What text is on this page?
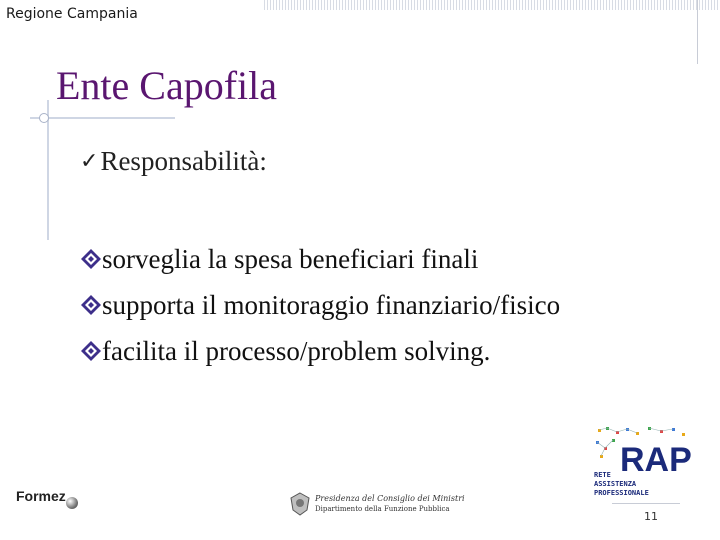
Regione Campania
Ente Capofila
✓ Responsabilità:
sorveglia la spesa beneficiari finali
supporta il monitoraggio finanziario/fisico
facilita il processo/problem solving.
Formez	Presidenza del Consiglio dei Ministri
Dipartimento della Funzione Pubblica
RAP
RETE
ASSISTENZA
PROFESSIONALE
11
